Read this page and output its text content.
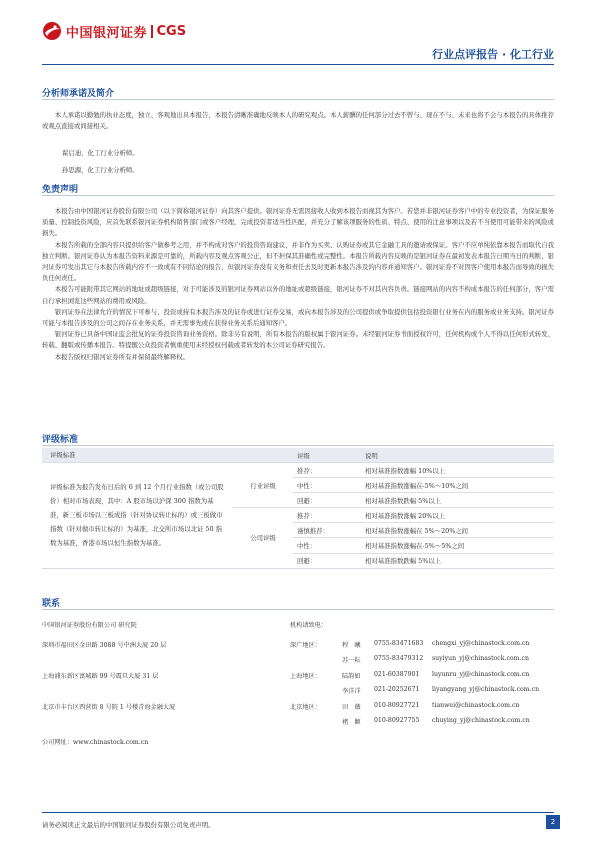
中国银河证券 CGS
行业点评报告 · 化工行业
分析师承诺及简介

本人承诺以勤勉的执业态度，独立、客观地出具本报告，本报告清晰准确地反映本人的研究观点。本人薪酬的任何部分过去不曾与、现在不与、未来也将不会与本报告的具体推荐或观点直接或间接相关。

翟启迪，化工行业分析师。
孙思源，化工行业分析师。
免责声明

本报告由中国银河证券股份有限公司（以下简称银河证券）向其客户提供。银河证券无需因接收人收到本报告而视其为客户。若您并非银河证券客户中的专业投资者，为保证服务质量、控制投资风险，应首先联系银河证券机构销售部门或客户经理，完成投资者适当性匹配，并充分了解该项服务的性质、特点、使用的注意事项以及若不当使用可能带来的风险或损失。

本报告所载的全部内容只提供给客户做参考之用，并不构成对客户的投资咨询建议，并非作为买卖、认购证券或其它金融工具的邀请或保证。客户不应单纯依靠本报告而取代自我独立判断。银河证券认为本报告资料来源是可靠的，所载内容及观点客观公正，但不担保其准确性或完整性。本报告所载内容反映的是银河证券在最初发表本报告日期当日的判断，银河证券可发出其它与本报告所载内容不一致或有不同结论的报告，但银河证券没有义务和责任去及时更新本报告涉及的内容并通知客户。银河证券不对因客户使用本报告而导致的损失负任何责任。

本报告可能附带其它网站的地址或超级链接，对于可能涉及的银河证券网站以外的地址或超级链接，银河证券不对其内容负责。链接网站的内容不构成本报告的任何部分，客户需自行承担浏览这些网站的费用或风险。

银河证券在法律允许的情况下可参与、投资或持有本报告涉及的证券或进行证券交易，或向本报告涉及的公司提供或争取提供包括投资银行业务在内的服务或业务支持。银河证券可能与本报告涉及的公司之间存在业务关系，并无需事先或在获得业务关系后通知客户。

银河证券已具备中国证监会批复的证券投资咨询业务资格。除非另有说明，所有本报告的版权属于银河证券。未经银河证券书面授权许可，任何机构或个人不得以任何形式转发、转载、翻版或传播本报告。特提醒公众投资者慎重使用未经授权刊载或者转发的本公司证券研究报告。

本报告版权归银河证券所有并保留最终解释权。

评级标准
评级标准		评级	说明
评级标准为报告发布日后的 6 到 12 个月行业指数（或公司股价）相对市场表现，其中：A 股市场以沪深 300 指数为基准，新三板市场以三板成指（针对协议转让标的）或三板做市指数（针对做市转让标的）为基准，北交所市场以北证 50 指数为基准，香港市场以恒生指数为基准。	行业评级	推荐：	相对基准指数涨幅 10%以上
		中性：	相对基准指数涨幅在-5%～10%之间
		回避：	相对基准指数跌幅 5%以上
	公司评级	推荐：	相对基准指数涨幅 20%以上
		谨慎推荐：	相对基准指数涨幅在 5%～20%之间
		中性：	相对基准指数涨幅在-5%～5%之间
		回避：	相对基准指数跌幅 5%以上
联系
中国银河证券股份有限公司 研究院	机构请致电：
深圳市福田区金田路 3088 号中洲大厦 20 层	深广地区：	程　曦 0755-83471683 chengxi_yj@chinastock.com.cn
苏一耘 0755-83479312 suyiyun_yj@chinastock.com.cn
上海浦东新区富城路 99 号震旦大厦 31 层	上海地区：	陆韵如 021-60387901 luyunru_yj@chinastock.com.cn
李洋洋 021-20252671 liyangyang_yj@chinastock.com.cn
北京市丰台区西营街 8 号院 1 号楼青海金融大厦	北京地区：	田　薇 010-80927721 tianwei@chinastock.com.cn
褚　颖 010-80927755 chuying_yj@chinastock.com.cn
公司网址：www.chinastock.com.cn
请务必阅读正文最后的中国银河证券股份有限公司免责声明。	2
